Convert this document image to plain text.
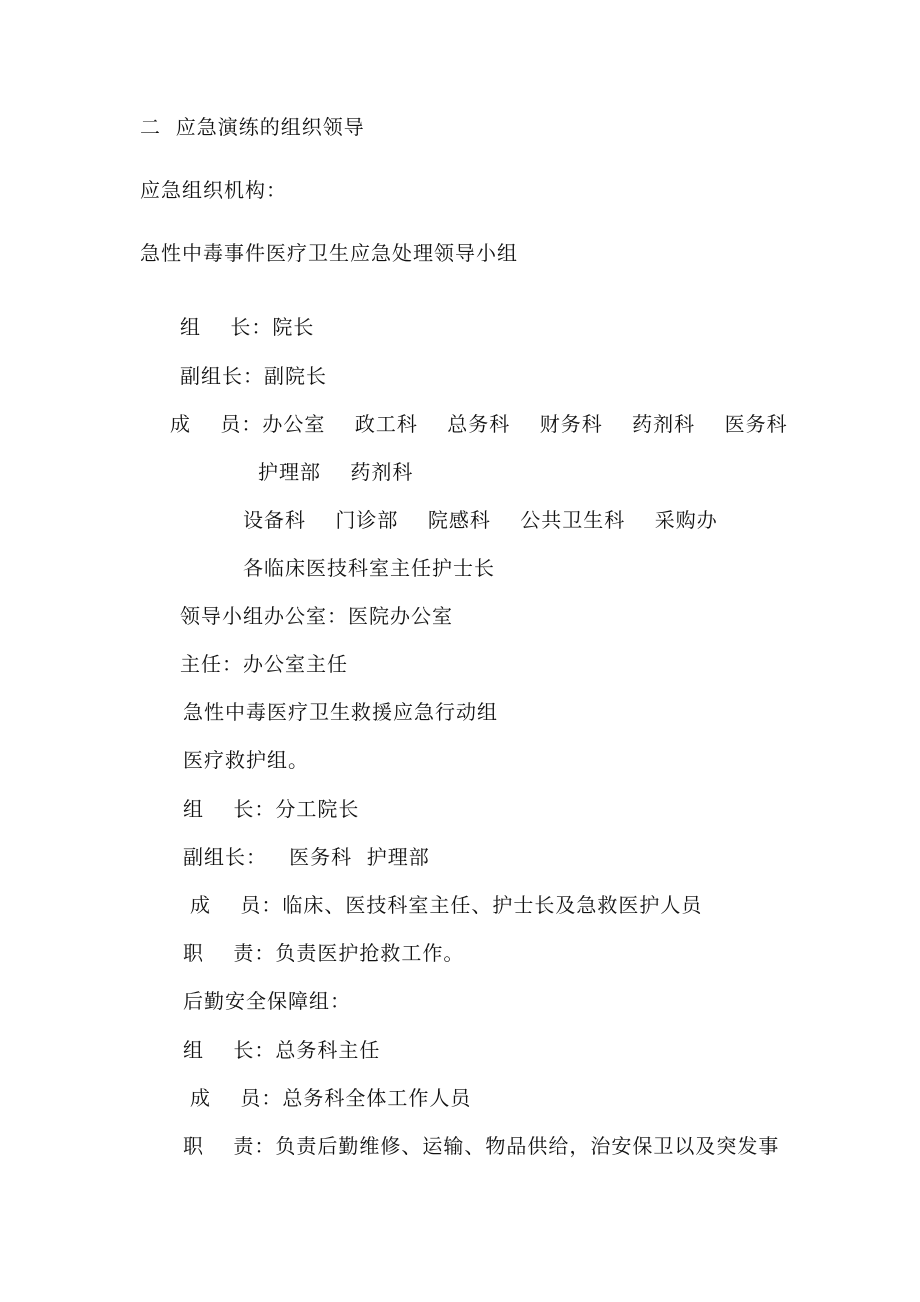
二  应急演练的组织领导
应急组织机构：
急性中毒事件医疗卫生应急处理领导小组
组    长：院长
副组长：副院长
成    员：办公室    政工科    总务科    财务科    药剂科    医务科
护理部    药剂科
设备科    门诊部    院感科    公共卫生科    采购办
各临床医技科室主任护士长
领导小组办公室：医院办公室
主任：办公室主任
急性中毒医疗卫生救援应急行动组
医疗救护组。
组    长：分工院长
副组长：   医务科  护理部
成    员：临床、医技科室主任、护士长及急救医护人员
职    责：负责医护抢救工作。
后勤安全保障组：
组    长：总务科主任
成    员：总务科全体工作人员
职    责：负责后勤维修、运输、物品供给，治安保卫以及突发事
